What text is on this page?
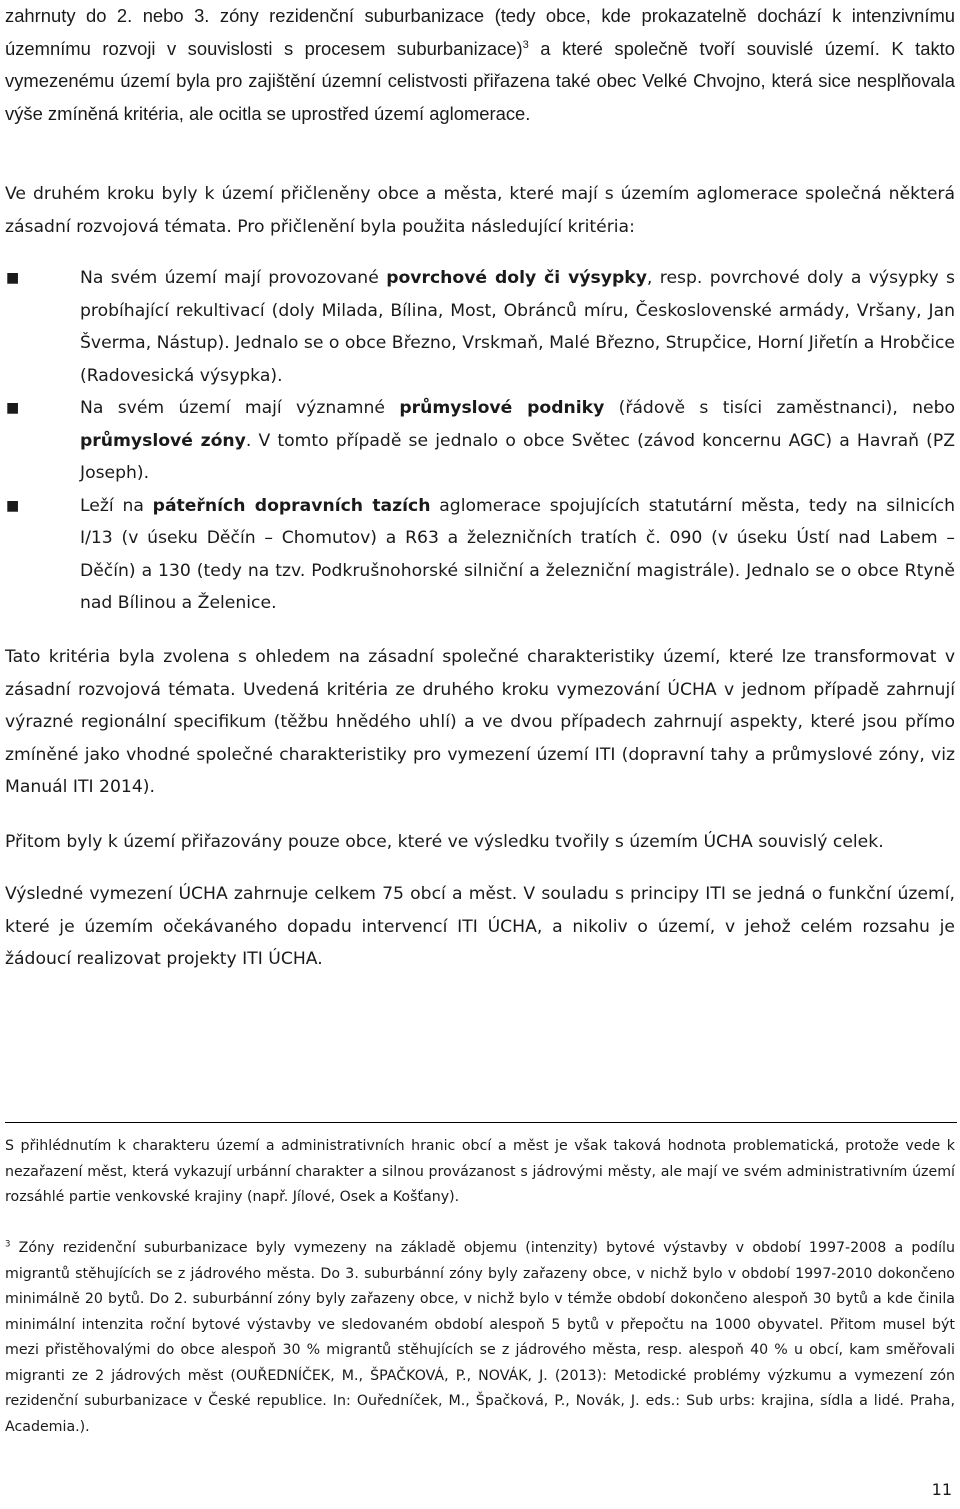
zahrnuty do 2. nebo 3. zóny rezidenční suburbanizace (tedy obce, kde prokazatelně dochází k intenzivnímu územnímu rozvoji v souvislosti s procesem suburbanizace)$^3$ a které společně tvoří souvislé území. K takto vymezenému území byla pro zajištění územní celistvosti přiřazena také obec Velké Chvojno, která sice nesplňovala výše zmíněná kritéria, ale ocitla se uprostřed území aglomerace.

Ve druhém kroku byly k území přičleněny obce a města, které mají s územím aglomerace společná některá zásadní rozvojová témata. Pro přičlenění byla použita následující kritéria:

■	Na svém území mají provozované povrchové doly či výsypky, resp. povrchové doly a výsypky s probíhající rekultivací (doly Milada, Bílina, Most, Obránců míru, Československé armády, Vršany, Jan Šverma, Nástup). Jednalo se o obce Březno, Vrskmaň, Malé Březno, Strupčice, Horní Jiřetín a Hrobčice (Radovesická výsypka).
■	Na svém území mají významné průmyslové podniky (řádově s tisíci zaměstnanci), nebo průmyslové zóny. V tomto případě se jednalo o obce Světec (závod koncernu AGC) a Havraň (PZ Joseph).
■	Leží na páteřních dopravních tazích aglomerace spojujících statutární města, tedy na silnicích I/13 (v úseku Děčín – Chomutov) a R63 a železničních tratích č. 090 (v úseku Ústí nad Labem – Děčín) a 130 (tedy na tzv. Podkrušnohorské silniční a železniční magistrále). Jednalo se o obce Rtyně nad Bílinou a Želenice.

Tato kritéria byla zvolena s ohledem na zásadní společné charakteristiky území, které lze transformovat v zásadní rozvojová témata. Uvedená kritéria ze druhého kroku vymezování ÚCHA v jednom případě zahrnují výrazné regionální specifikum (těžbu hnědého uhlí) a ve dvou případech zahrnují aspekty, které jsou přímo zmíněné jako vhodné společné charakteristiky pro vymezení území ITI (dopravní tahy a průmyslové zóny, viz Manuál ITI 2014).

Přitom byly k území přiřazovány pouze obce, které ve výsledku tvořily s územím ÚCHA souvislý celek.

Výsledné vymezení ÚCHA zahrnuje celkem 75 obcí a měst. V souladu s principy ITI se jedná o funkční území, které je územím očekávaného dopadu intervencí ITI ÚCHA, a nikoliv o území, v jehož celém rozsahu je žádoucí realizovat projekty ITI ÚCHA.

S přihlédnutím k charakteru území a administrativních hranic obcí a měst je však taková hodnota problematická, protože vede k nezařazení měst, která vykazují urbánní charakter a silnou provázanost s jádrovými městy, ale mají ve svém administrativním území rozsáhlé partie venkovské krajiny (např. Jílové, Osek a Košťany).

$^3$ Zóny rezidenční suburbanizace byly vymezeny na základě objemu (intenzity) bytové výstavby v období 1997-2008 a podílu migrantů stěhujících se z jádrového města. Do 3. suburbánní zóny byly zařazeny obce, v nichž bylo v období 1997-2010 dokončeno minimálně 20 bytů. Do 2. suburbánní zóny byly zařazeny obce, v nichž bylo v témže období dokončeno alespoň 30 bytů a kde činila minimální intenzita roční bytové výstavby ve sledovaném období alespoň 5 bytů v přepočtu na 1000 obyvatel. Přitom musel být mezi přistěhovalými do obce alespoň 30 % migrantů stěhujících se z jádrového města, resp. alespoň 40 % u obcí, kam směřovali migranti ze 2 jádrových měst (OUŘEDNÍČEK, M., ŠPAČKOVÁ, P., NOVÁK, J. (2013): Metodické problémy výzkumu a vymezení zón rezidenční suburbanizace v České republice. In: Ouředníček, M., Špačková, P., Novák, J. eds.: Sub urbs: krajina, sídla a lidé. Praha, Academia.).

11
